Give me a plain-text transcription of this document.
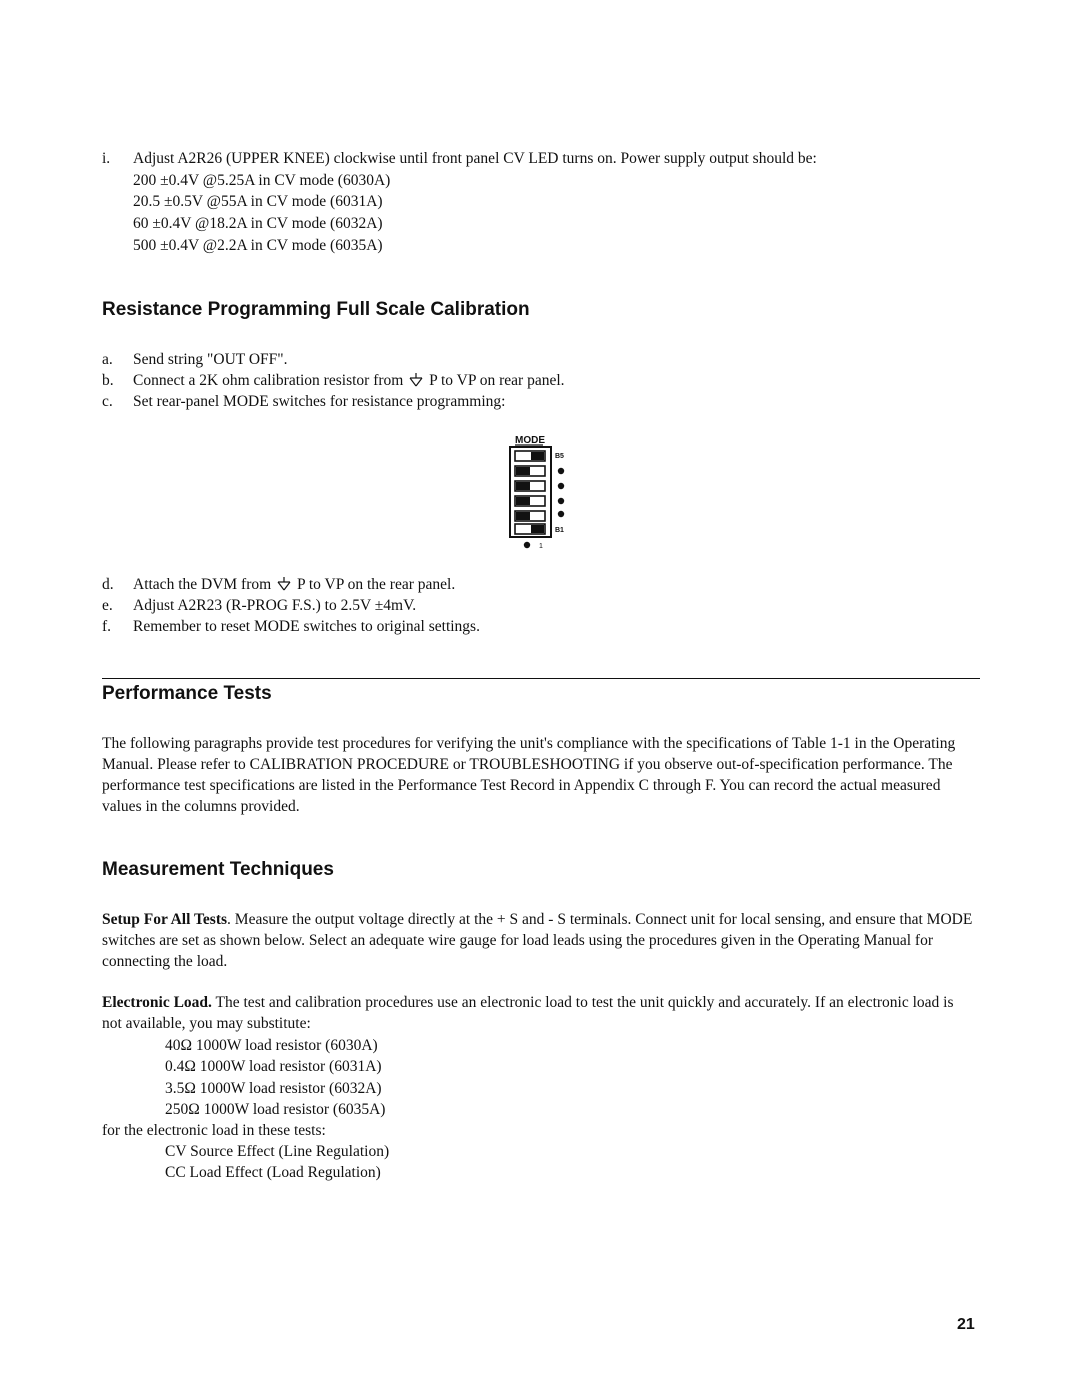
i.	Adjust A2R26 (UPPER KNEE) clockwise until front panel CV LED turns on. Power supply output should be:
200 ±0.4V @5.25A in CV mode (6030A)
20.5 ±0.5V @55A in CV mode (6031A)
60 ±0.4V @18.2A in CV mode (6032A)
500 ±0.4V @2.2A in CV mode (6035A)
Resistance Programming Full Scale Calibration
a.	Send string "OUT OFF".
b.	Connect a 2K ohm calibration resistor from P to VP on rear panel.
c.	Set rear-panel MODE switches for resistance programming:
MODE
B5
B1
1
d.	Attach the DVM from P to VP on the rear panel.
e.	Adjust A2R23 (R-PROG F.S.) to 2.5V ±4mV.
f.	Remember to reset MODE switches to original settings.
Performance Tests

The following paragraphs provide test procedures for verifying the unit's compliance with the specifications of Table 1-1 in the Operating Manual. Please refer to CALIBRATION PROCEDURE or TROUBLESHOOTING if you observe out-of-specification performance. The performance test specifications are listed in the Performance Test Record in Appendix C through F. You can record the actual measured values in the columns provided.

Measurement Techniques

Setup For All Tests. Measure the output voltage directly at the + S and - S terminals. Connect unit for local sensing, and ensure that MODE switches are set as shown below. Select an adequate wire gauge for load leads using the procedures given in the Operating Manual for connecting the load.

Electronic Load. The test and calibration procedures use an electronic load to test the unit quickly and accurately. If an electronic load is not available, you may substitute:

40Ω 1000W load resistor (6030A)
0.4Ω 1000W load resistor (6031A)
3.5Ω 1000W load resistor (6032A)
250Ω 1000W load resistor (6035A)
for the electronic load in these tests:
CV Source Effect (Line Regulation)
CC Load Effect (Load Regulation)
21
